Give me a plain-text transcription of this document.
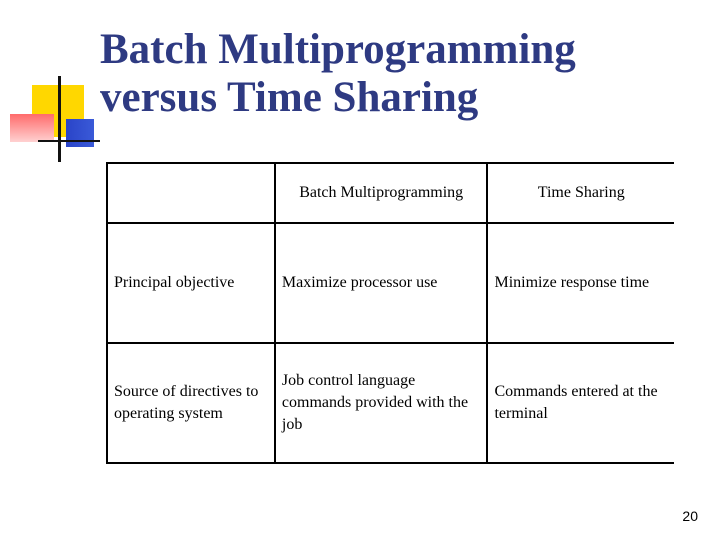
Batch Multiprogramming
versus Time Sharing
	Batch Multiprogramming	Time Sharing
Principal objective	Maximize processor use	Minimize response time
Source of directives to operating system	Job control language commands provided with the job	Commands entered at the terminal
20
